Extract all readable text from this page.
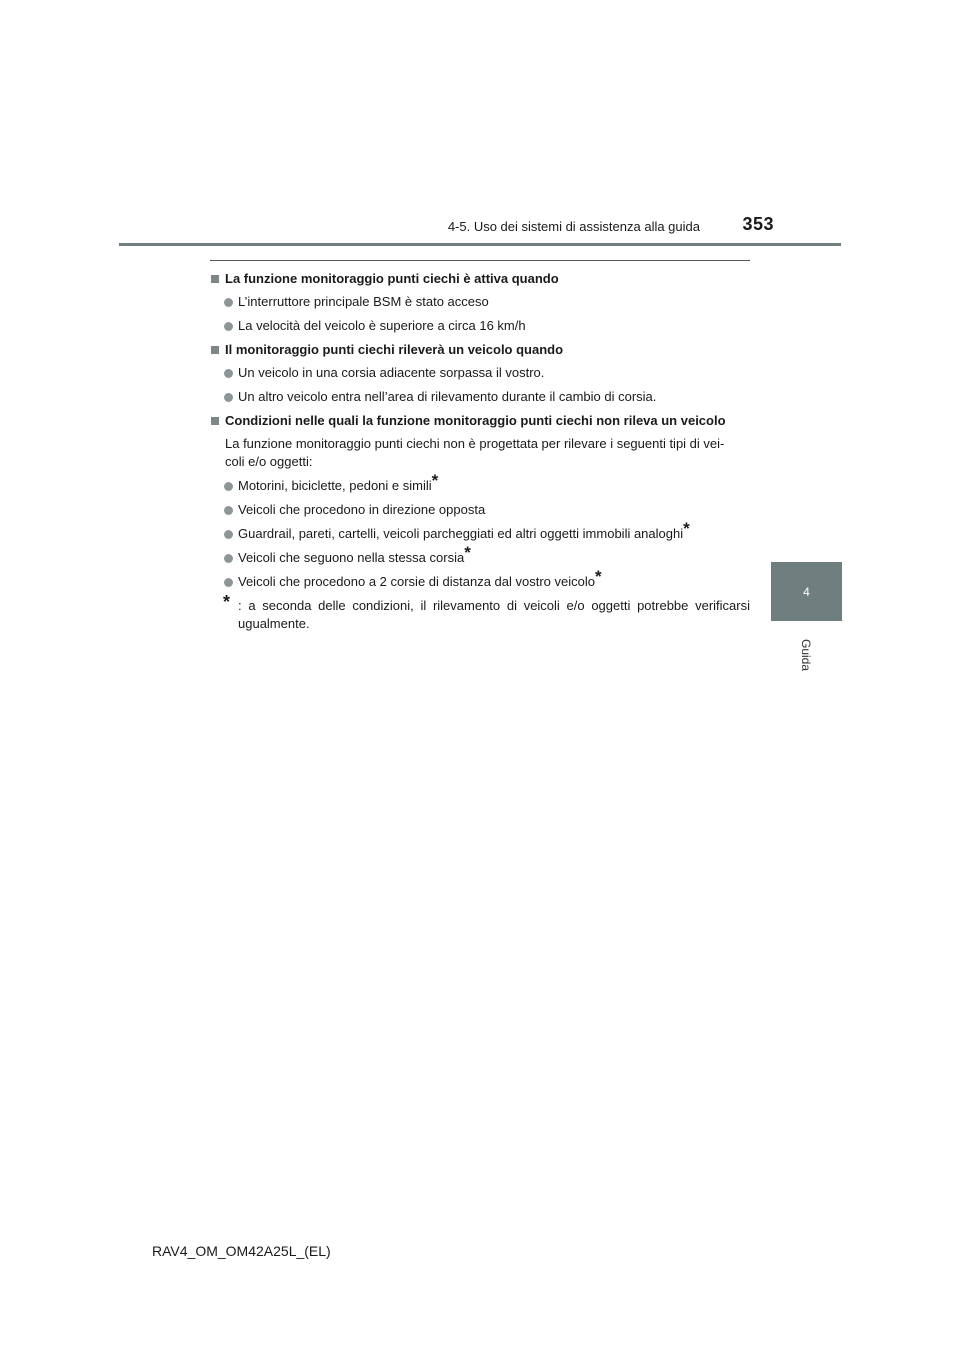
4-5. Uso dei sistemi di assistenza alla guida	353
4
Guida
La funzione monitoraggio punti ciechi è attiva quando
L’interruttore principale BSM è stato acceso
La velocità del veicolo è superiore a circa 16 km/h
Il monitoraggio punti ciechi rileverà un veicolo quando
Un veicolo in una corsia adiacente sorpassa il vostro.
Un altro veicolo entra nell’area di rilevamento durante il cambio di corsia.
Condizioni nelle quali la funzione monitoraggio punti ciechi non rileva un veicolo
La funzione monitoraggio punti ciechi non è progettata per rilevare i seguenti tipi di vei-
coli e/o oggetti:
Motorini, biciclette, pedoni e simili*
Veicoli che procedono in direzione opposta
Guardrail, pareti, cartelli, veicoli parcheggiati ed altri oggetti immobili analoghi*
Veicoli che seguono nella stessa corsia*
Veicoli che procedono a 2 corsie di distanza dal vostro veicolo*
* : a seconda delle condizioni, il rilevamento di veicoli e/o oggetti potrebbe verificarsi ugualmente.
RAV4_OM_OM42A25L_(EL)
